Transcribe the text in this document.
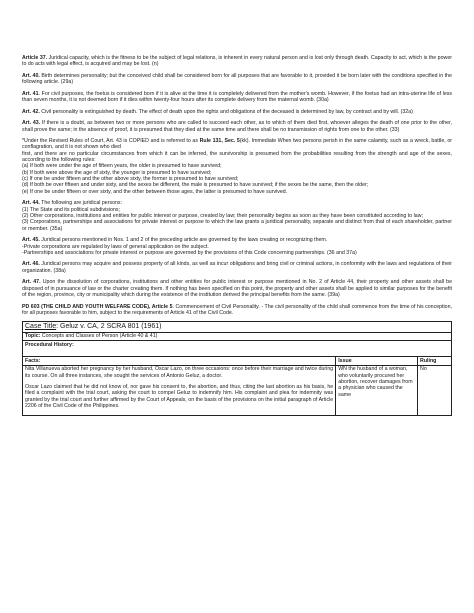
Article 37. Juridical capacity, which is the fitness to be the subject of legal relations, is inherent in every natural person and is lost only through death. Capacity to act, which is the power to do acts with legal effect, is acquired and may be lost. (n)

Art. 40. Birth determines personality; but the conceived child shall be considered born for all purposes that are favorable to it, provided it be born later with the conditions specified in the following article. (29a)

Art. 41. For civil purposes, the foetus is considered born if it is alive at the time it is completely delivered from the mother's womb. However, if the foetus had an intra-uterine life of less than seven months, it is not deemed born if it dies within twenty-four hours after its complete delivery from the maternal womb. (30a)

Art. 42. Civil personality is extinguished by death. The effect of death upon the rights and obligations of the deceased is determined by law, by contract and by will. (32a)

Art. 43. If there is a doubt, as between two or more persons who are called to succeed each other, as to which of them died first, whoever alleges the death of one prior to the other, shall prove the same; in the absence of proof, it is presumed that they died at the same time and there shall be no transmission of rights from one to the other. (33)

*Under the Revised Rules of Court, Art. 43 is COPIED and is referred to as Rule 131, Sec. 5(kk). Immediate When two persons perish in the same calamity, such as a wreck, battle, or conflagration, and it is not shown who died
first, and there are no particular circumstances from which it can be inferred, the survivorship is presumed from the probabilities resulting from the strength and age of the sexes, according to the following rules:
(a) If both were under the age of fifteen years, the older is presumed to have survived;
(b) If both were above the age of sixty, the younger is presumed to have survived;
(c) If one be under fifteen and the other above sixty, the former is presumed to have survived;
(d) If both be over fifteen and under sixty, and the sexes be different, the male is presumed to have survived; if the sexes be the same, then the older;
(e) If one be under fifteen or over sixty, and the other between those ages, the latter is presumed to have survived.
Art. 44. The following are juridical persons:
(1) The State and its political subdivisions;
(2) Other corporations, institutions and entities for public interest or purpose, created by law; their personality begins as soon as they have been constituted according to law;
(3) Corporations, partnerships and associations for private interest or purpose to which the law grants a juridical personality, separate and distinct from that of each shareholder, partner or member. (35a)
Art. 45. Juridical persons mentioned in Nos. 1 and 2 of the preceding article are governed by the laws creating or recognizing them.
-Private corporations are regulated by laws of general application on the subject.
-Partnerships and associations for private interest or purpose are governed by the provisions of this Code concerning partnerships. (36 and 37a)

Art. 46. Juridical persons may acquire and possess property of all kinds, as well as incur obligations and bring civil or criminal actions, in conformity with the laws and regulations of their organization. (38a)

Art. 47. Upon the dissolution of corporations, institutions and other entities for public interest or purpose mentioned in No. 2 of Article 44, their property and other assets shall be disposed of in pursuance of law or the charter creating them. If nothing has been specified on this point, the property and other assets shall be applied to similar purposes for the benefit of the region, province, city or municipality which during the existence of the institution derived the principal benefits from the same. (39a)

PD 603 (THE CHILD AND YOUTH WELFARE CODE), Article 5. Commencement of Civil Personality. - The civil personality of the child shall commence from the time of his conception, for all purposes favorable to him, subject to the requirements of Article 41 of the Civil Code.

Case Title: Geluz v. CA, 2 SCRA 801 (1961)		
Topic: Concepts and Classes of Person (Article 40 & 41)		
Procedural History:		
Facts:	Issue	Ruling

Nita Villanueva aborted her pregnancy by her husband, Oscar Lazo, on three occasions: once before their marriage and twice during its course. On all three instances, she sought the services of Antonio Geluz, a doctor.

Oscar Lazo claimed that he did not know of, nor gave his consent to, the abortion, and thus, citing the last abortion as his basis, he filed a complaint with the trial court, asking the court to compel Geluz to indemnify him. His complaint and plea for indemnity was granted by the trial court and further affirmed by the Court of Appeals, on the basis of the provisions on the initial paragraph of Article 2206 of the Civil Code of the Philippines.	WN the husband of a woman, who voluntarily procured her abortion, recover damages from a physician who caused the same	No
